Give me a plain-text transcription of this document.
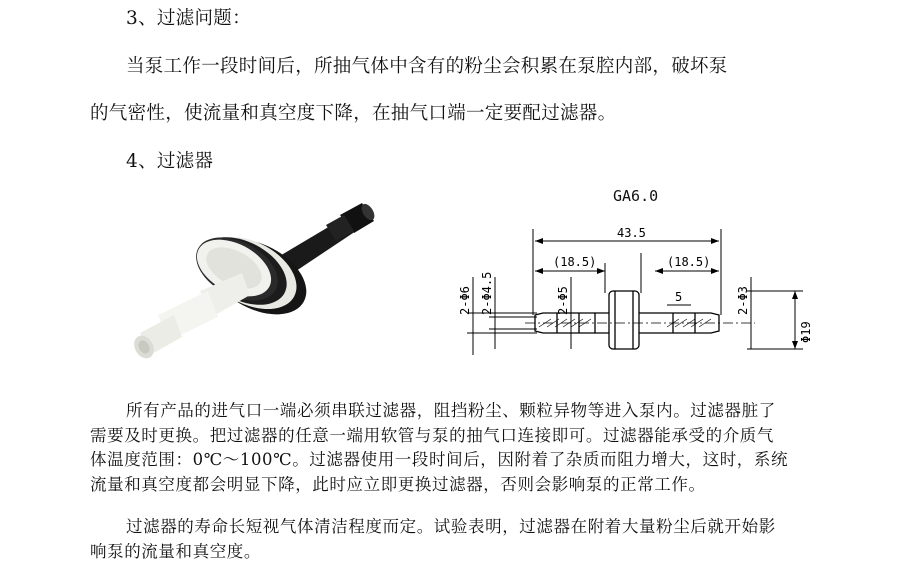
3、过滤问题：
当泵工作一段时间后，所抽气体中含有的粉尘会积累在泵腔内部，破坏泵
的气密性，使流量和真空度下降，在抽气口端一定要配过滤器。
4、过滤器
GA6.0
43.5
(18.5)	(18.5)
5
2-Φ6 2-Φ4.5	2-Φ5	2-Φ3
Φ19
所有产品的进气口一端必须串联过滤器，阻挡粉尘、颗粒异物等进入泵内。过滤器脏了
需要及时更换。把过滤器的任意一端用软管与泵的抽气口连接即可。过滤器能承受的介质气
体温度范围：0℃～100℃。过滤器使用一段时间后，因附着了杂质而阻力增大，这时，系统
流量和真空度都会明显下降，此时应立即更换过滤器，否则会影响泵的正常工作。
过滤器的寿命长短视气体清洁程度而定。试验表明，过滤器在附着大量粉尘后就开始影
响泵的流量和真空度。
